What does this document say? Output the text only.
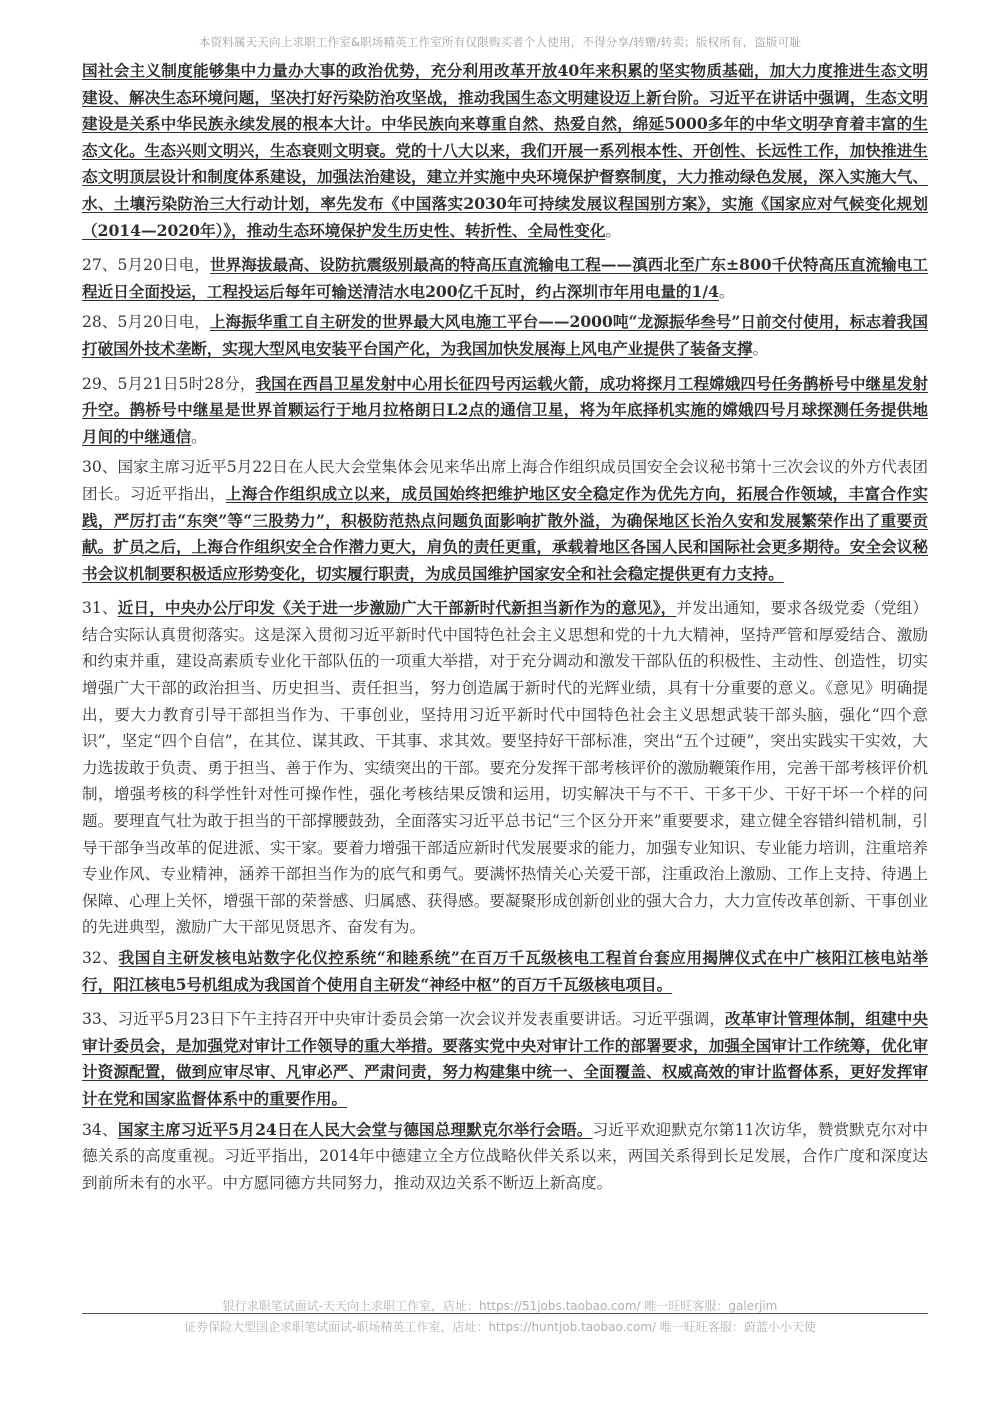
本资料属天天向上求职工作室&职场精英工作室所有仅限购买者个人使用，不得分享/转赠/转卖；版权所有，盗版可耻

国社会主义制度能够集中力量办大事的政治优势，充分利用改革开放40年来积累的坚实物质基础，加大力度推进生态文明建设、解决生态环境问题，坚决打好污染防治攻坚战，推动我国生态文明建设迈上新台阶。习近平在讲话中强调，生态文明建设是关系中华民族永续发展的根本大计。中华民族向来尊重自然、热爱自然，绵延5000多年的中华文明孕育着丰富的生态文化。生态兴则文明兴，生态衰则文明衰。党的十八大以来，我们开展一系列根本性、开创性、长远性工作，加快推进生态文明顶层设计和制度体系建设，加强法治建设，建立并实施中央环境保护督察制度，大力推动绿色发展，深入实施大气、水、土壤污染防治三大行动计划，率先发布《中国落实2030年可持续发展议程国别方案》，实施《国家应对气候变化规划（2014—2020年）》，推动生态环境保护发生历史性、转折性、全局性变化。

27、5月20日电，世界海拔最高、设防抗震级别最高的特高压直流输电工程——滇西北至广东±800千伏特高压直流输电工程近日全面投运，工程投运后每年可输送清洁水电200亿千瓦时，约占深圳市年用电量的1/4。

28、5月20日电，上海振华重工自主研发的世界最大风电施工平台——2000吨“龙源振华叁号”日前交付使用，标志着我国打破国外技术垄断，实现大型风电安装平台国产化，为我国加快发展海上风电产业提供了装备支撑。

29、5月21日5时28分，我国在西昌卫星发射中心用长征四号丙运载火箭，成功将探月工程嫦娥四号任务鹊桥号中继星发射升空。鹊桥号中继星是世界首颗运行于地月拉格朗日L2点的通信卫星，将为年底择机实施的嫦娥四号月球探测任务提供地月间的中继通信。

30、国家主席习近平5月22日在人民大会堂集体会见来华出席上海合作组织成员国安全会议秘书第十三次会议的外方代表团团长。习近平指出，上海合作组织成立以来，成员国始终把维护地区安全稳定作为优先方向，拓展合作领域，丰富合作实践，严厉打击“东突”等“三股势力”，积极防范热点问题负面影响扩散外溢，为确保地区长治久安和发展繁荣作出了重要贡献。扩员之后，上海合作组织安全合作潜力更大，肩负的责任更重，承载着地区各国人民和国际社会更多期待。安全会议秘书会议机制要积极适应形势变化，切实履行职责，为成员国维护国家安全和社会稳定提供更有力支持。

31、近日，中央办公厅印发《关于进一步激励广大干部新时代新担当新作为的意见》，并发出通知，要求各级党委（党组）结合实际认真贯彻落实。这是深入贯彻习近平新时代中国特色社会主义思想和党的十九大精神，坚持严管和厚爱结合、激励和约束并重，建设高素质专业化干部队伍的一项重大举措，对于充分调动和激发干部队伍的积极性、主动性、创造性，切实增强广大干部的政治担当、历史担当、责任担当，努力创造属于新时代的光辉业绩，具有十分重要的意义。《意见》明确提出，要大力教育引导干部担当作为、干事创业，坚持用习近平新时代中国特色社会主义思想武装干部头脑，强化“四个意识”，坚定“四个自信”，在其位、谋其政、干其事、求其效。要坚持好干部标准，突出“五个过硬”，突出实践实干实效，大力选拔敢于负责、勇于担当、善于作为、实绩突出的干部。要充分发挥干部考核评价的激励鞭策作用，完善干部考核评价机制，增强考核的科学性针对性可操作性，强化考核结果反馈和运用，切实解决干与不干、干多干少、干好干坏一个样的问题。要理直气壮为敢于担当的干部撑腰鼓劲，全面落实习近平总书记“三个区分开来”重要要求，建立健全容错纠错机制，引导干部争当改革的促进派、实干家。要着力增强干部适应新时代发展要求的能力，加强专业知识、专业能力培训，注重培养专业作风、专业精神，涵养干部担当作为的底气和勇气。要满怀热情关心关爱干部，注重政治上激励、工作上支持、待遇上保障、心理上关怀，增强干部的荣誉感、归属感、获得感。要凝聚形成创新创业的强大合力，大力宣传改革创新、干事创业的先进典型，激励广大干部见贤思齐、奋发有为。

32、我国自主研发核电站数字化仪控系统“和睦系统”在百万千瓦级核电工程首台套应用揭牌仪式在中广核阳江核电站举行，阳江核电5号机组成为我国首个使用自主研发“神经中枢”的百万千瓦级核电项目。

33、习近平5月23日下午主持召开中央审计委员会第一次会议并发表重要讲话。习近平强调，改革审计管理体制，组建中央审计委员会，是加强党对审计工作领导的重大举措。要落实党中央对审计工作的部署要求，加强全国审计工作统筹，优化审计资源配置，做到应审尽审、凡审必严、严肃问责，努力构建集中统一、全面覆盖、权威高效的审计监督体系，更好发挥审计在党和国家监督体系中的重要作用。

34、国家主席习近平5月24日在人民大会堂与德国总理默克尔举行会晤。习近平欢迎默克尔第11次访华，赞赏默克尔对中德关系的高度重视。习近平指出，2014年中德建立全方位战略伙伴关系以来，两国关系得到长足发展，合作广度和深度达到前所未有的水平。中方愿同德方共同努力，推动双边关系不断迈上新高度。

银行求职笔试面试-天天向上求职工作室，店址：https://51jobs.taobao.com/ 唯一旺旺客服：galerjim
证券保险大型国企求职笔试面试-职场精英工作室，店址：https://huntjob.taobao.com/ 唯一旺旺客服：蔚蓝小小天使
